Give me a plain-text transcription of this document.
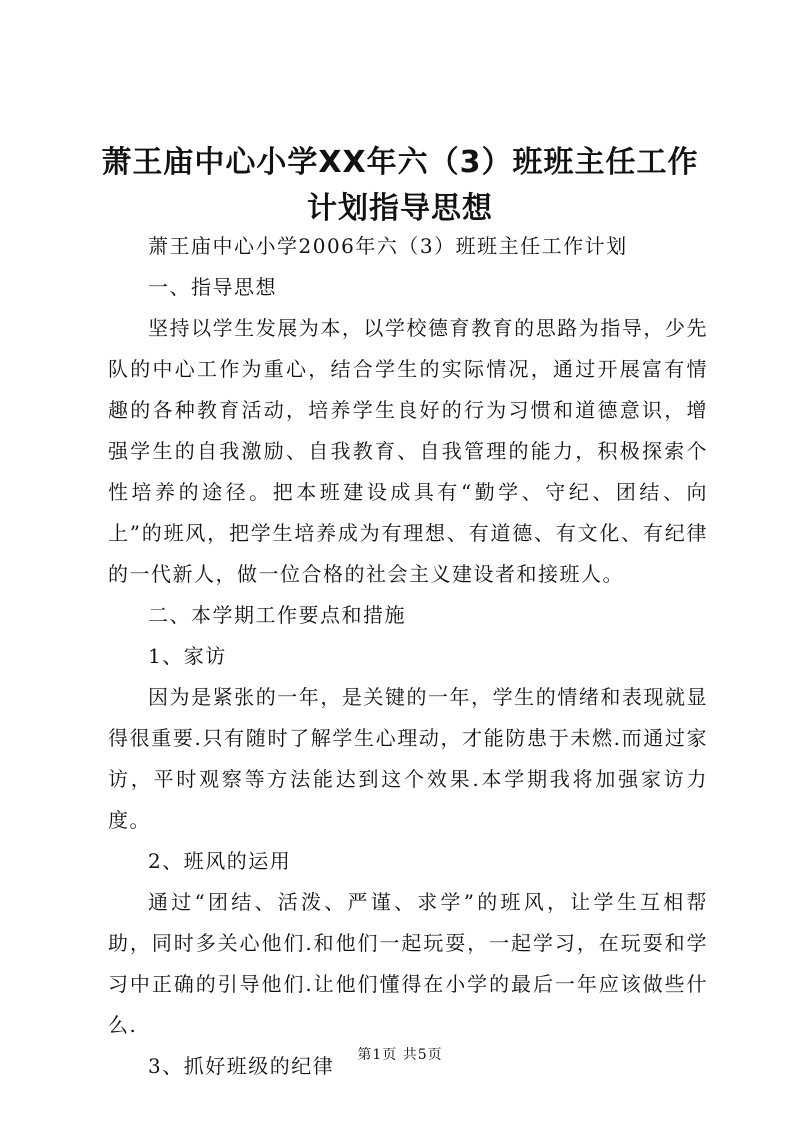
萧王庙中心小学XX年六（3）班班主任工作计划指导思想

萧王庙中心小学2006年六（3）班班主任工作计划

一、指导思想

坚持以学生发展为本，以学校德育教育的思路为指导，少先队的中心工作为重心，结合学生的实际情况，通过开展富有情趣的各种教育活动，培养学生良好的行为习惯和道德意识，增强学生的自我激励、自我教育、自我管理的能力，积极探索个性培养的途径。把本班建设成具有“勤学、守纪、团结、向上”的班风，把学生培养成为有理想、有道德、有文化、有纪律的一代新人，做一位合格的社会主义建设者和接班人。

二、本学期工作要点和措施

1、家访

因为是紧张的一年，是关键的一年，学生的情绪和表现就显得很重要.只有随时了解学生心理动，才能防患于未燃.而通过家访，平时观察等方法能达到这个效果.本学期我将加强家访力度。

2、班风的运用

通过“团结、活泼、严谨、求学”的班风，让学生互相帮助，同时多关心他们.和他们一起玩耍，一起学习，在玩耍和学习中正确的引导他们.让他们懂得在小学的最后一年应该做些什么.

3、抓好班级的纪律	第1页 共5页
